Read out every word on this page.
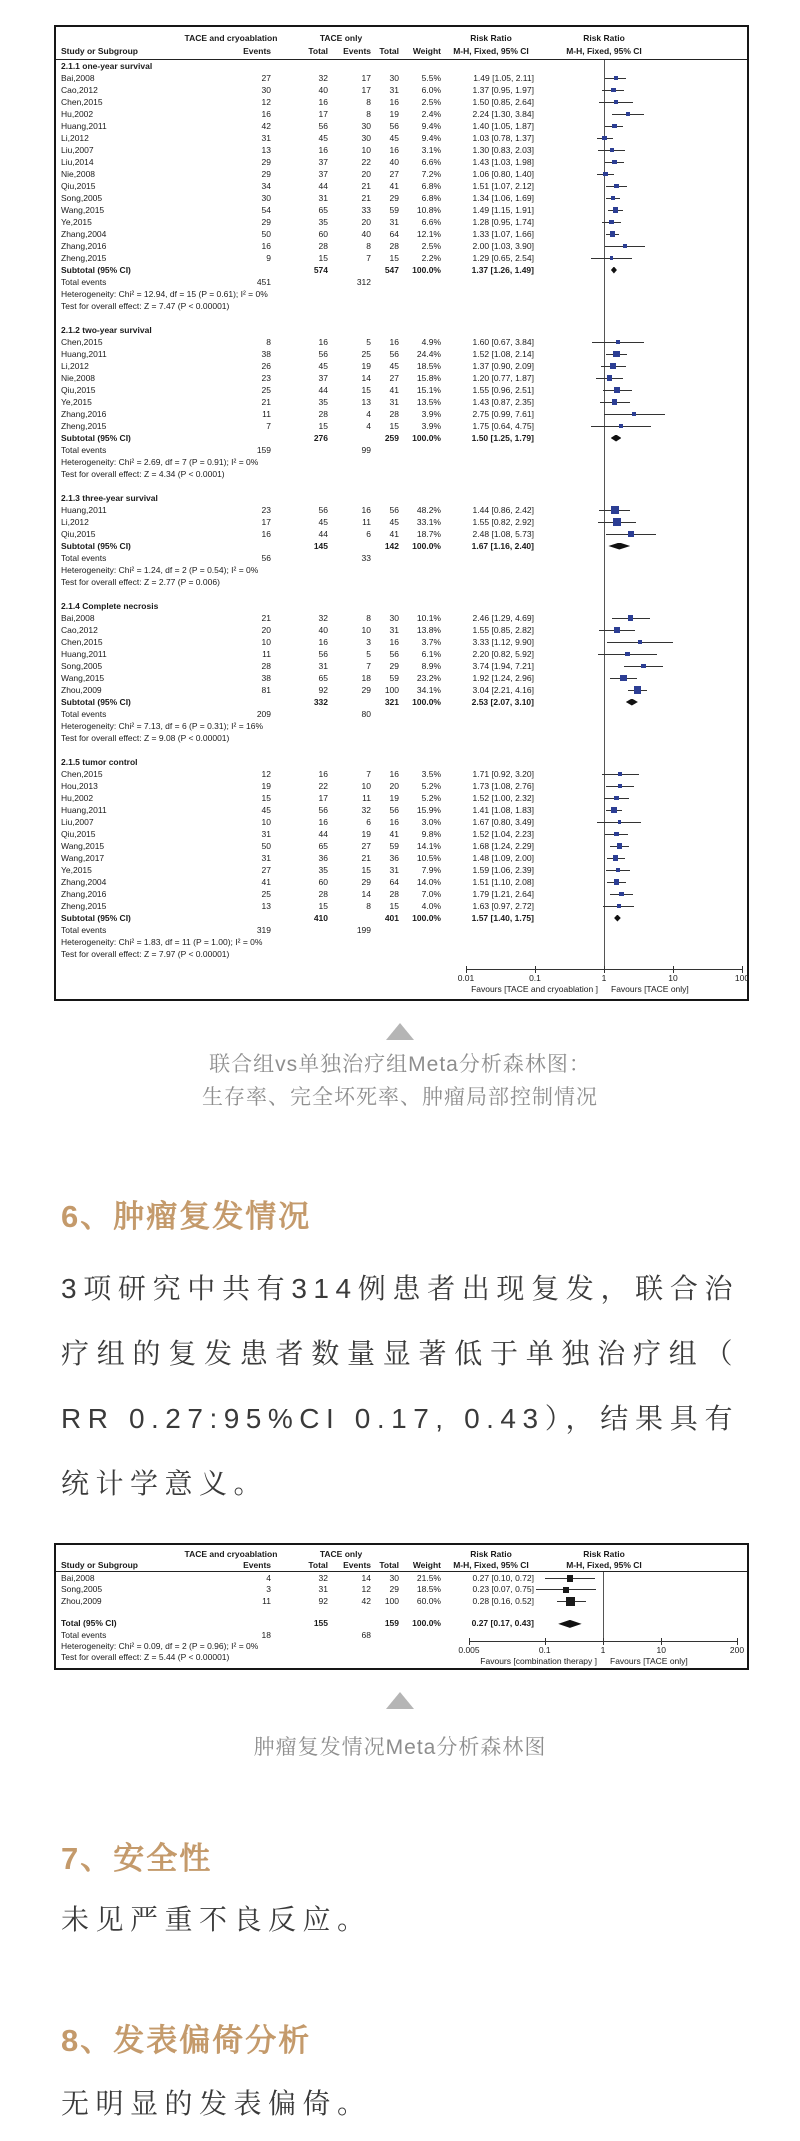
TACE and cryoablation	TACE only	Risk Ratio	Risk Ratio
Study or Subgroup	Events	Total	Events Total	Weight	M-H, Fixed, 95% CI	M-H, Fixed, 95% CI
2.1.1 one-year survival
Bai,2008	27	32	17	30	5.5%	1.49 [1.05, 2.11]
Cao,2012	30	40	17	31	6.0%	1.37 [0.95, 1.97]
Chen,2015	12	16	8	16	2.5%	1.50 [0.85, 2.64]
Hu,2002	16	17	8	19	2.4%	2.24 [1.30, 3.84]
Huang,2011	42	56	30	56	9.4%	1.40 [1.05, 1.87]
Li,2012	31	45	30	45	9.4%	1.03 [0.78, 1.37]
Liu,2007	13	16	10	16	3.1%	1.30 [0.83, 2.03]
Liu,2014	29	37	22	40	6.6%	1.43 [1.03, 1.98]
Nie,2008	29	37	20	27	7.2%	1.06 [0.80, 1.40]
Qiu,2015	34	44	21	41	6.8%	1.51 [1.07, 2.12]
Song,2005	30	31	21	29	6.8%	1.34 [1.06, 1.69]
Wang,2015	54	65	33	59	10.8%	1.49 [1.15, 1.91]
Ye,2015	29	35	20	31	6.6%	1.28 [0.95, 1.74]
Zhang,2004	50	60	40	64	12.1%	1.33 [1.07, 1.66]
Zhang,2016	16	28	8	28	2.5%	2.00 [1.03, 3.90]
Zheng,2015	9	15	7	15	2.2%	1.29 [0.65, 2.54]
Subtotal (95% CI)	574	547	100.0%	1.37 [1.26, 1.49]
Total events	451	312
Heterogeneity: Chi² = 12.94, df = 15 (P = 0.61); I² = 0%
Test for overall effect: Z = 7.47 (P < 0.00001)
2.1.2 two-year survival
Chen,2015	8	16	5	16	4.9%	1.60 [0.67, 3.84]
Huang,2011	38	56	25	56	24.4%	1.52 [1.08, 2.14]
Li,2012	26	45	19	45	18.5%	1.37 [0.90, 2.09]
Nie,2008	23	37	14	27	15.8%	1.20 [0.77, 1.87]
Qiu,2015	25	44	15	41	15.1%	1.55 [0.96, 2.51]
Ye,2015	21	35	13	31	13.5%	1.43 [0.87, 2.35]
Zhang,2016	11	28	4	28	3.9%	2.75 [0.99, 7.61]
Zheng,2015	7	15	4	15	3.9%	1.75 [0.64, 4.75]
Subtotal (95% CI)	276	259	100.0%	1.50 [1.25, 1.79]
Total events	159	99
Heterogeneity: Chi² = 2.69, df = 7 (P = 0.91); I² = 0%
Test for overall effect: Z = 4.34 (P < 0.0001)
2.1.3 three-year survival
Huang,2011	23	56	16	56	48.2%	1.44 [0.86, 2.42]
Li,2012	17	45	11	45	33.1%	1.55 [0.82, 2.92]
Qiu,2015	16	44	6	41	18.7%	2.48 [1.08, 5.73]
Subtotal (95% CI)	145	142	100.0%	1.67 [1.16, 2.40]
Total events	56	33
Heterogeneity: Chi² = 1.24, df = 2 (P = 0.54); I² = 0%
Test for overall effect: Z = 2.77 (P = 0.006)
2.1.4 Complete necrosis
Bai,2008	21	32	8	30	10.1%	2.46 [1.29, 4.69]
Cao,2012	20	40	10	31	13.8%	1.55 [0.85, 2.82]
Chen,2015	10	16	3	16	3.7%	3.33 [1.12, 9.90]
Huang,2011	11	56	5	56	6.1%	2.20 [0.82, 5.92]
Song,2005	28	31	7	29	8.9%	3.74 [1.94, 7.21]
Wang,2015	38	65	18	59	23.2%	1.92 [1.24, 2.96]
Zhou,2009	81	92	29	100	34.1%	3.04 [2.21, 4.16]
Subtotal (95% CI)	332	321	100.0%	2.53 [2.07, 3.10]
Total events	209	80
Heterogeneity: Chi² = 7.13, df = 6 (P = 0.31); I² = 16%
Test for overall effect: Z = 9.08 (P < 0.00001)
2.1.5 tumor control
Chen,2015	12	16	7	16	3.5%	1.71 [0.92, 3.20]
Hou,2013	19	22	10	20	5.2%	1.73 [1.08, 2.76]
Hu,2002	15	17	11	19	5.2%	1.52 [1.00, 2.32]
Huang,2011	45	56	32	56	15.9%	1.41 [1.08, 1.83]
Liu,2007	10	16	6	16	3.0%	1.67 [0.80, 3.49]
Qiu,2015	31	44	19	41	9.8%	1.52 [1.04, 2.23]
Wang,2015	50	65	27	59	14.1%	1.68 [1.24, 2.29]
Wang,2017	31	36	21	36	10.5%	1.48 [1.09, 2.00]
Ye,2015	27	35	15	31	7.9%	1.59 [1.06, 2.39]
Zhang,2004	41	60	29	64	14.0%	1.51 [1.10, 2.08]
Zhang,2016	25	28	14	28	7.0%	1.79 [1.21, 2.64]
Zheng,2015	13	15	8	15	4.0%	1.63 [0.97, 2.72]
Subtotal (95% CI)	410	401	100.0%	1.57 [1.40, 1.75]
Total events	319	199
Heterogeneity: Chi² = 1.83, df = 11 (P = 1.00); I² = 0%
Test for overall effect: Z = 7.97 (P < 0.00001)
0.01	0.1	1	10	100
Favours [TACE and cryoablation ] Favours [TACE only]
联合组vs单独治疗组Meta分析森林图：
生存率、完全坏死率、肿瘤局部控制情况
6、肿瘤复发情况

3项研究中共有314例患者出现复发，联合治疗组的复发患者数量显著低于单独治疗组（ RR 0.27:95%CI 0.17, 0.43），结果具有统计学意义。

TACE and cryoablation	TACE only	Risk Ratio	Risk Ratio
Study or Subgroup	Events	Total	Events Total	Weight	M-H, Fixed, 95% CI	M-H, Fixed, 95% CI
Bai,2008	4	32	14	30	21.5%	0.27 [0.10, 0.72]
Song,2005	3	31	12	29	18.5%	0.23 [0.07, 0.75]
Zhou,2009	11	92	42	100	60.0%	0.28 [0.16, 0.52]
Total (95% CI)	155	159	100.0%	0.27 [0.17, 0.43]
Total events	18	68
Heterogeneity: Chi² = 0.09, df = 2 (P = 0.96); I² = 0%
Test for overall effect: Z = 5.44 (P < 0.00001)
0.005	0.1	1	10	200
Favours [combination therapy ] Favours [TACE only]
肿瘤复发情况Meta分析森林图
7、安全性

未见严重不良反应。

8、发表偏倚分析

无明显的发表偏倚。
